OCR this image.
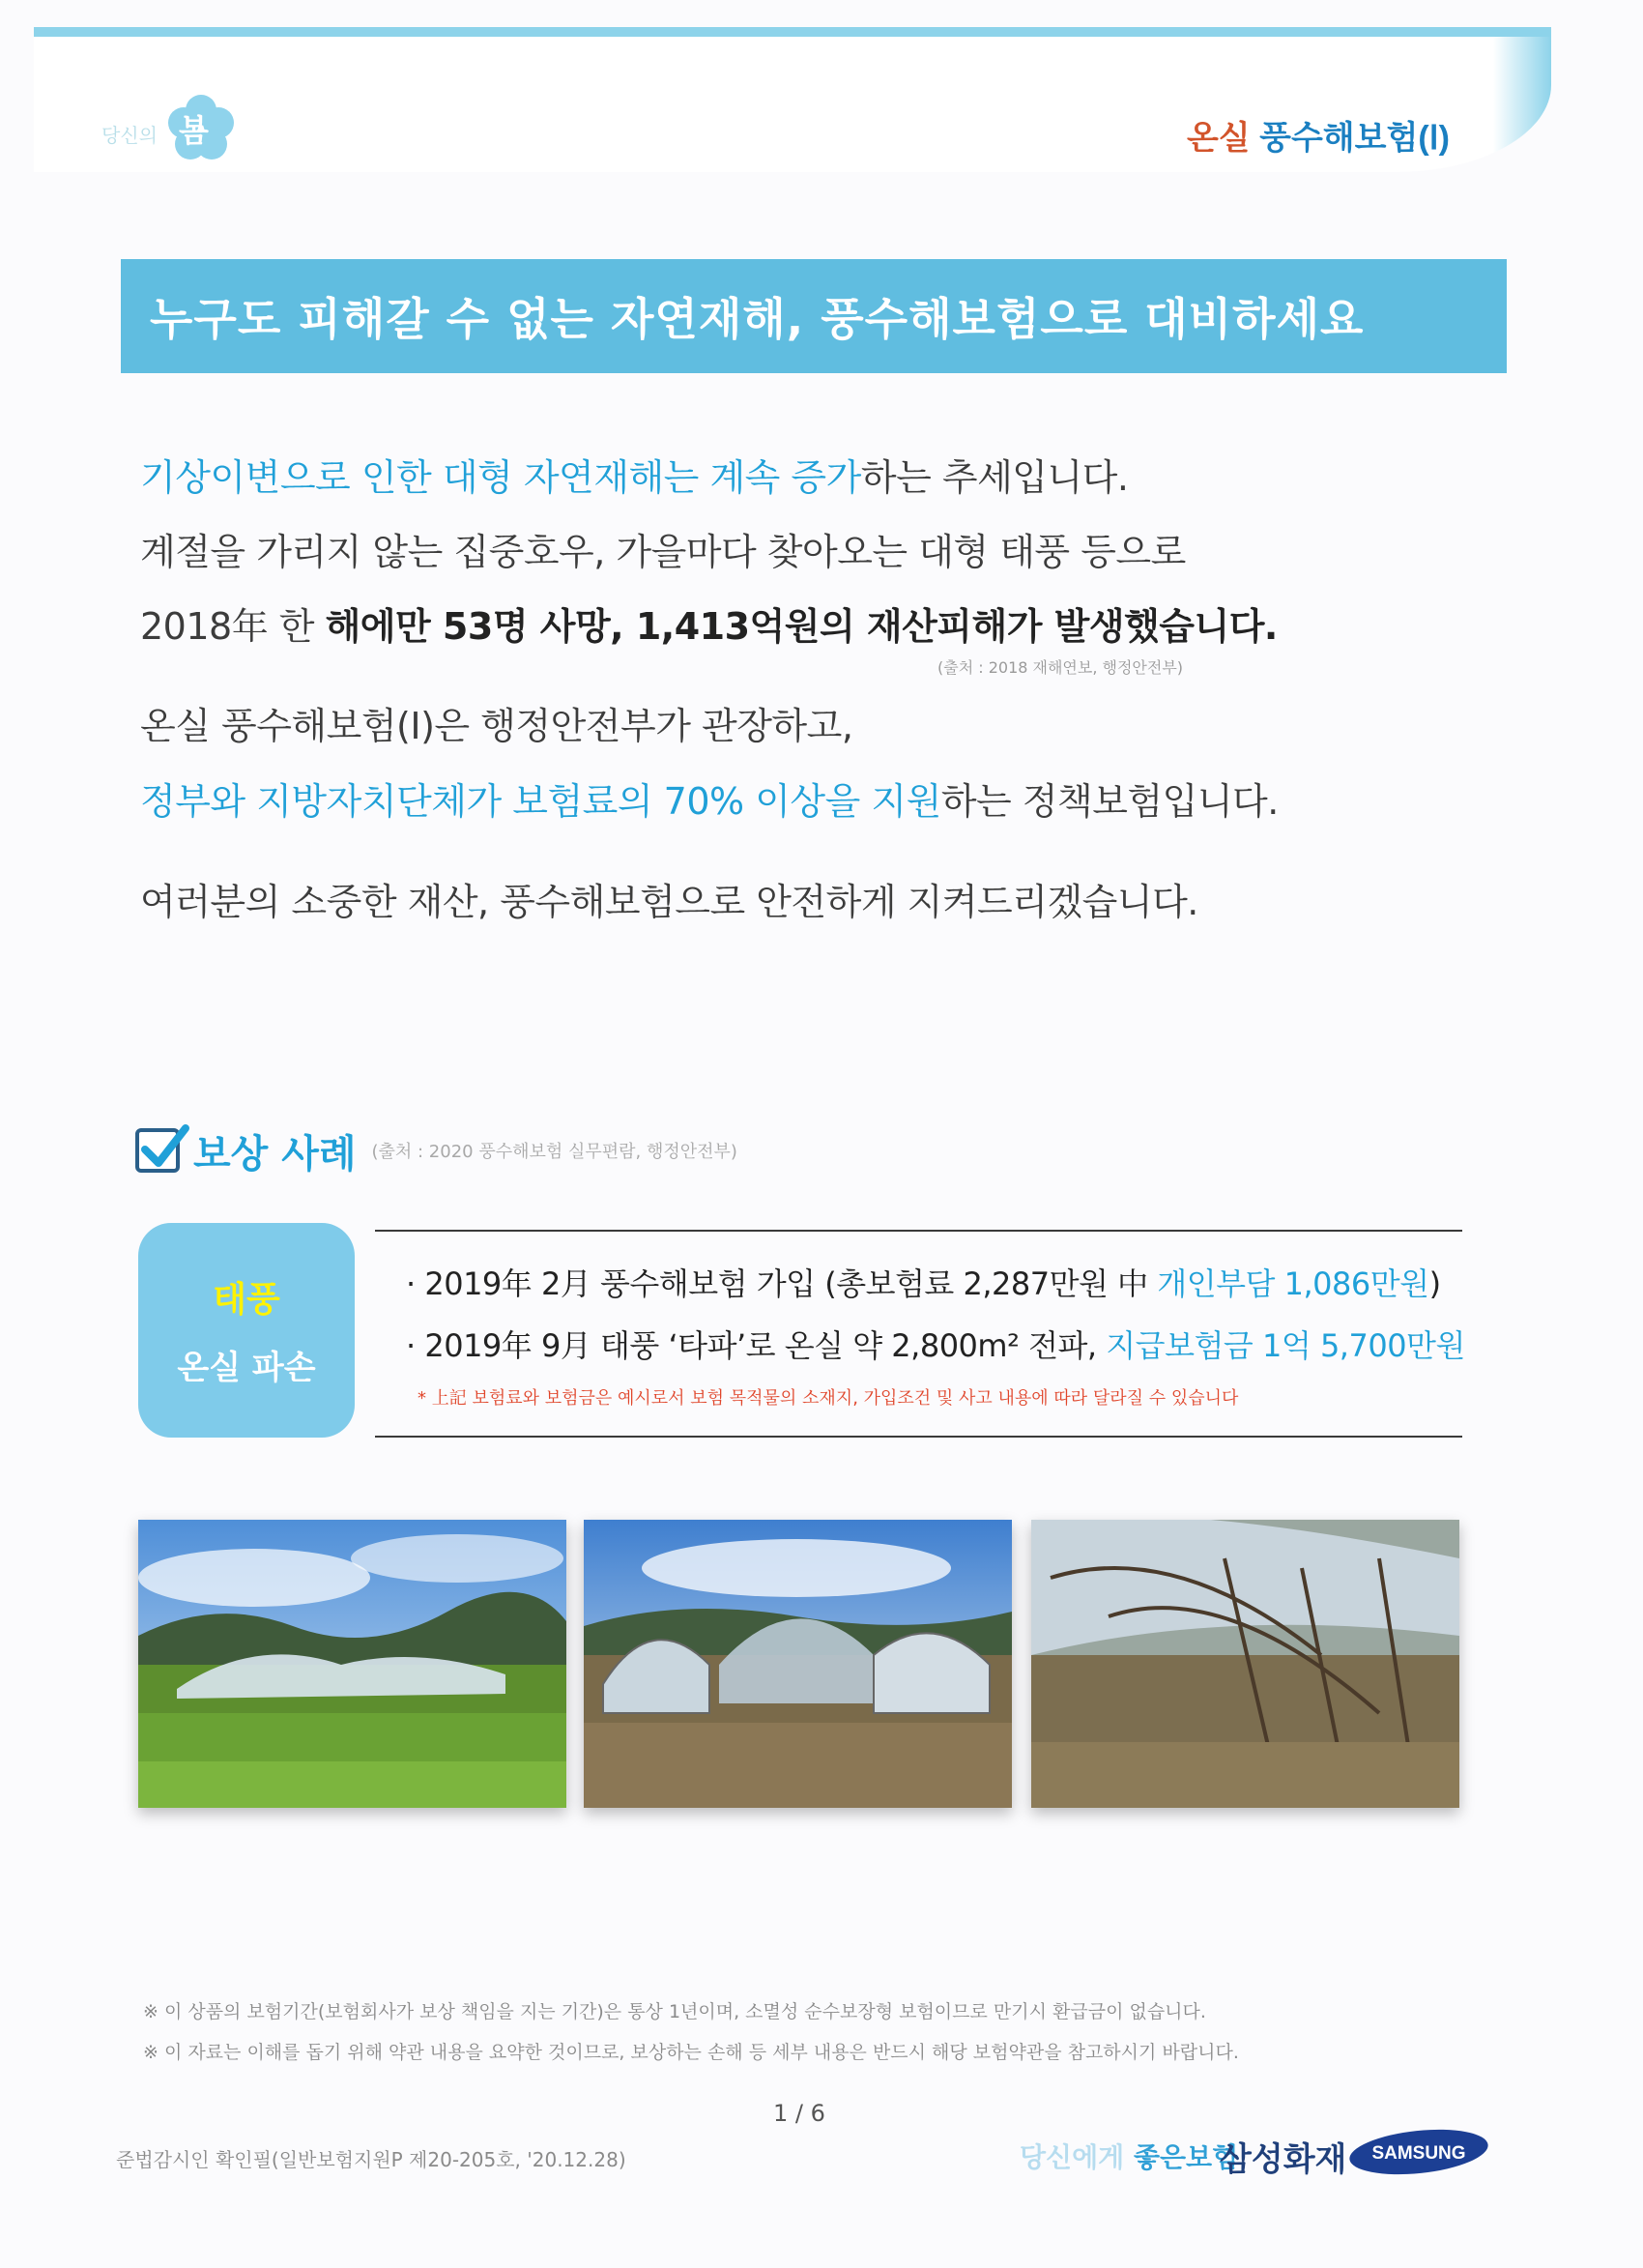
당신의 봄	온실 풍수해보험(Ⅰ)
누구도 피해갈 수 없는 자연재해, 풍수해보험으로 대비하세요
기상이변으로 인한 대형 자연재해는 계속 증가하는 추세입니다.
계절을 가리지 않는 집중호우, 가을마다 찾아오는 대형 태풍 등으로
2018年 한 해에만 53명 사망, 1,413억원의 재산피해가 발생했습니다.
(출처 : 2018 재해연보, 행정안전부)
온실 풍수해보험(Ⅰ)은 행정안전부가 관장하고,
정부와 지방자치단체가 보험료의 70% 이상을 지원하는 정책보험입니다.
여러분의 소중한 재산, 풍수해보험으로 안전하게 지켜드리겠습니다.
보상 사례 (출처 : 2020 풍수해보험 실무편람, 행정안전부)
태풍
온실 파손
· 2019年 2月 풍수해보험 가입 (총보험료 2,287만원 中 개인부담 1,086만원)
· 2019年 9月 태풍 ‘타파’로 온실 약 2,800m² 전파, 지급보험금 1억 5,700만원
* 上記 보험료와 보험금은 예시로서 보험 목적물의 소재지, 가입조건 및 사고 내용에 따라 달라질 수 있습니다
※ 이 상품의 보험기간(보험회사가 보상 책임을 지는 기간)은 통상 1년이며, 소멸성 순수보장형 보험이므로 만기시 환급금이 없습니다.
※ 이 자료는 이해를 돕기 위해 약관 내용을 요약한 것이므로, 보상하는 손해 등 세부 내용은 반드시 해당 보험약관을 참고하시기 바랍니다.
1 / 6
준법감시인 확인필(일반보험지원P 제20-205호, '20.12.28)	당신에게 좋은보험
삼성화재 SAMSUNG
